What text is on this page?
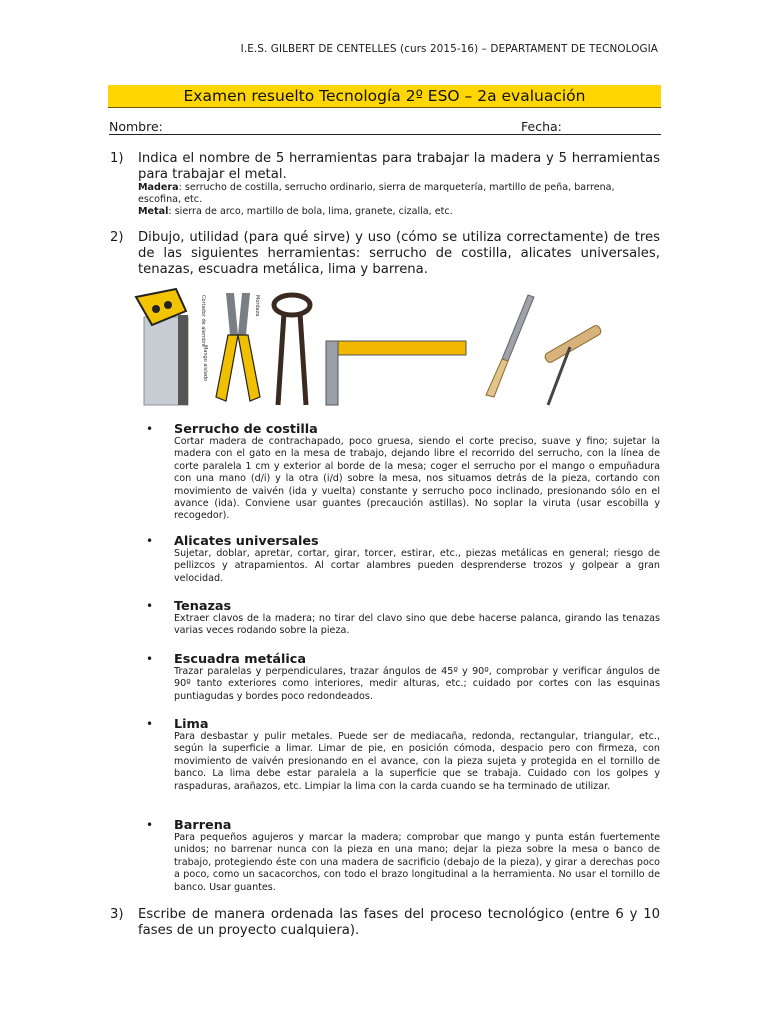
I.E.S. GILBERT DE CENTELLES (curs 2015-16) – DEPARTAMENT DE TECNOLOGIA
Examen resuelto Tecnología 2º ESO – 2a evaluación
Nombre:	Fecha:
1) Indica el nombre de 5 herramientas para trabajar la madera y 5 herramientas para trabajar el metal.
Madera: serrucho de costilla, serrucho ordinario, sierra de marquetería, martillo de peña, barrena, escofina, etc.
Metal: sierra de arco, martillo de bola, lima, granete, cizalla, etc.
2) Dibujo, utilidad (para qué sirve) y uso (cómo se utiliza correctamente) de tres de las siguientes herramientas: serrucho de costilla, alicates universales, tenazas, escuadra metálica, lima y barrena.
Cortador de alambre	Mordaza
Mango aislado
• Serrucho de costilla
Cortar madera de contrachapado, poco gruesa, siendo el corte preciso, suave y fino; sujetar la madera con el gato en la mesa de trabajo, dejando libre el recorrido del serrucho, con la línea de corte paralela 1 cm y exterior al borde de la mesa; coger el serrucho por el mango o empuñadura con una mano (d/i) y la otra (i/d) sobre la mesa, nos situamos detrás de la pieza, cortando con movimiento de vaivén (ida y vuelta) constante y serrucho poco inclinado, presionando sólo en el avance (ida). Conviene usar guantes (precaución astillas). No soplar la viruta (usar escobilla y recogedor).
• Alicates universales
Sujetar, doblar, apretar, cortar, girar, torcer, estirar, etc., piezas metálicas en general; riesgo de pellizcos y atrapamientos. Al cortar alambres pueden desprenderse trozos y golpear a gran velocidad.
• Tenazas
Extraer clavos de la madera; no tirar del clavo sino que debe hacerse palanca, girando las tenazas varias veces rodando sobre la pieza.
• Escuadra metálica
Trazar paralelas y perpendiculares, trazar ángulos de 45º y 90º, comprobar y verificar ángulos de 90º tanto exteriores como interiores, medir alturas, etc.; cuidado por cortes con las esquinas puntiagudas y bordes poco redondeados.
• Lima
Para desbastar y pulir metales. Puede ser de mediacaña, redonda, rectangular, triangular, etc., según la superficie a limar. Limar de pie, en posición cómoda, despacio pero con firmeza, con movimiento de vaivén presionando en el avance, con la pieza sujeta y protegida en el tornillo de banco. La lima debe estar paralela a la superficie que se trabaja. Cuidado con los golpes y raspaduras, arañazos, etc. Limpiar la lima con la carda cuando se ha terminado de utilizar.
• Barrena
Para pequeños agujeros y marcar la madera; comprobar que mango y punta están fuertemente unidos; no barrenar nunca con la pieza en una mano; dejar la pieza sobre la mesa o banco de trabajo, protegiendo éste con una madera de sacrificio (debajo de la pieza), y girar a derechas poco a poco, como un sacacorchos, con todo el brazo longitudinal a la herramienta. No usar el tornillo de banco. Usar guantes.
3) Escribe de manera ordenada las fases del proceso tecnológico (entre 6 y 10 fases de un proyecto cualquiera).
